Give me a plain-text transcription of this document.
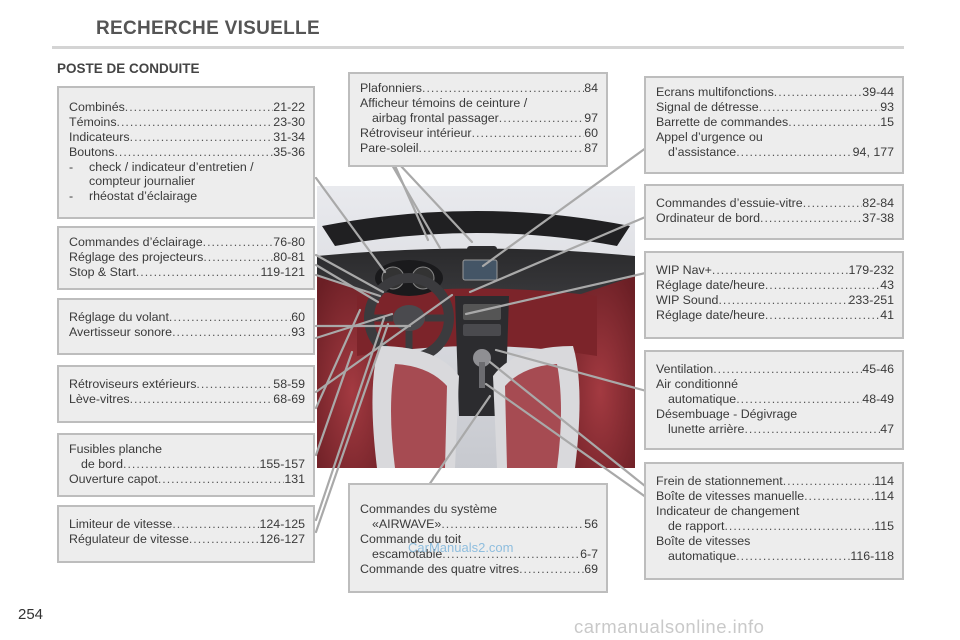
RECHERCHE VISUELLE
POSTE DE CONDUITE
Combinés .....	21-22
Témoins .....	23-30
Indicateurs .....	31-34
Boutons .....	35-36
-	check / indicateur d’entretien /
compteur journalier
-	rhéostat d’éclairage
Commandes d’éclairage .....	76-80
Réglage des projecteurs .....	80-81
Stop & Start .....	119-121
Réglage du volant .....	60
Avertisseur sonore .....	93
Rétroviseurs extérieurs .....	58-59
Lève-vitres .....	68-69
Fusibles planche
de bord .....	155-157
Ouverture capot .....	131
Limiteur de vitesse .....	124-125
Régulateur de vitesse .....	126-127
Plafonniers .....	84
Afficheur témoins de ceinture /
airbag frontal passager .....	97
Rétroviseur intérieur .....	60
Pare-soleil .....	87
Commandes du système
«AIRWAVE» .....	56
Commande du toit
escamotable .....	6-7
Commande des quatre vitres .....	69
Ecrans multifonctions .....	39-44
Signal de détresse .....	93
Barrette de commandes .....	15
Appel d’urgence ou
d’assistance .....	94, 177
Commandes d’essuie-vitre .....	82-84
Ordinateur de bord .....	37-38
WIP Nav+ .....	179-232
Réglage date/heure .....	43
WIP Sound .....	233-251
Réglage date/heure .....	41
Ventilation .....	45-46
Air conditionné
automatique .....	48-49
Désembuage - Dégivrage
lunette arrière .....	47
Frein de stationnement .....	114
Boîte de vitesses manuelle .....	114
Indicateur de changement
de rapport .....	115
Boîte de vitesses
automatique .....	116-118
CarManuals2.com
254
carmanualsonline.info
